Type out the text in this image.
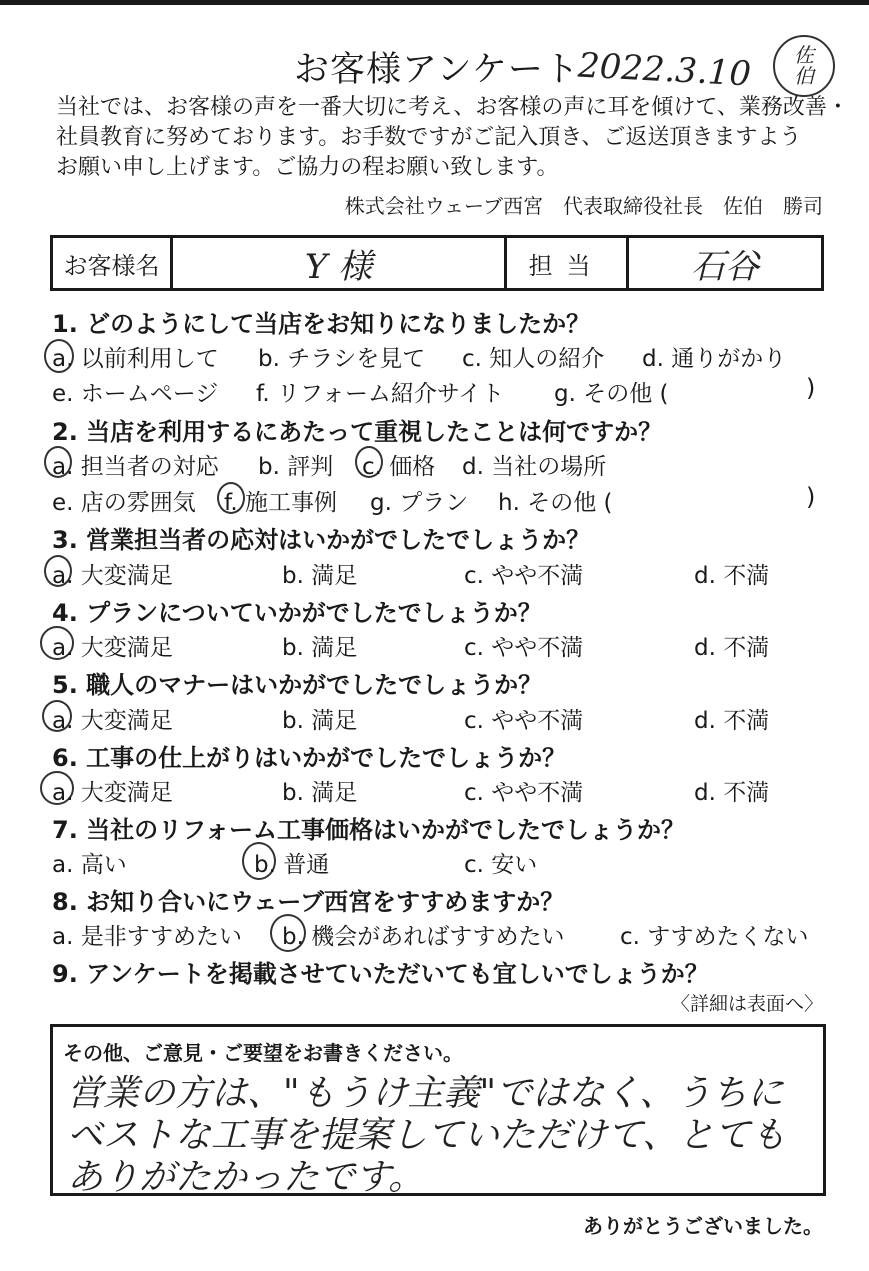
お客様アンケート
2022.3.10 佐
伯
当社では、お客様の声を一番大切に考え、お客様の声に耳を傾けて、業務改善・
社員教育に努めております。お手数ですがご記入頂き、ご返送頂きますよう
お願い申し上げます。ご協力の程お願い致します。
株式会社ウェーブ西宮　代表取締役社長　佐伯　勝司
お客様名	Y 様	担当	石谷
1. どのようにして当店をお知りになりましたか？
a. 以前利用して b. チラシを見て c. 知人の紹介 d. 通りがかり
e. ホームページ f. リフォーム紹介サイト g. その他 (	)
2. 当店を利用するにあたって重視したことは何ですか？
a. 担当者の対応 b. 評判 c. 価格 d. 当社の場所
e. 店の雰囲気 f. 施工事例 g. プラン h. その他 (	)
3. 営業担当者の応対はいかがでしたでしょうか？
a. 大変満足	b. 満足	c. やや不満	d. 不満
4. プランについていかがでしたでしょうか？
a. 大変満足	b. 満足	c. やや不満	d. 不満
5. 職人のマナーはいかがでしたでしょうか？
a. 大変満足	b. 満足	c. やや不満	d. 不満
6. 工事の仕上がりはいかがでしたでしょうか？
a. 大変満足	b. 満足	c. やや不満	d. 不満
7. 当社のリフォーム工事価格はいかがでしたでしょうか？
a. 高い	b. 普通	c. 安い
8. お知り合いにウェーブ西宮をすすめますか？
a. 是非すすめたい b. 機会があればすすめたい c. すすめたくない
9. アンケートを掲載させていただいても宜しいでしょうか？
〈詳細は表面へ〉
その他、ご意見・ご要望をお書きください。
営業の方は、"もうけ主義"ではなく、うちに
ベストな工事を提案していただけて、とても
ありがたかったです。
ありがとうございました。
